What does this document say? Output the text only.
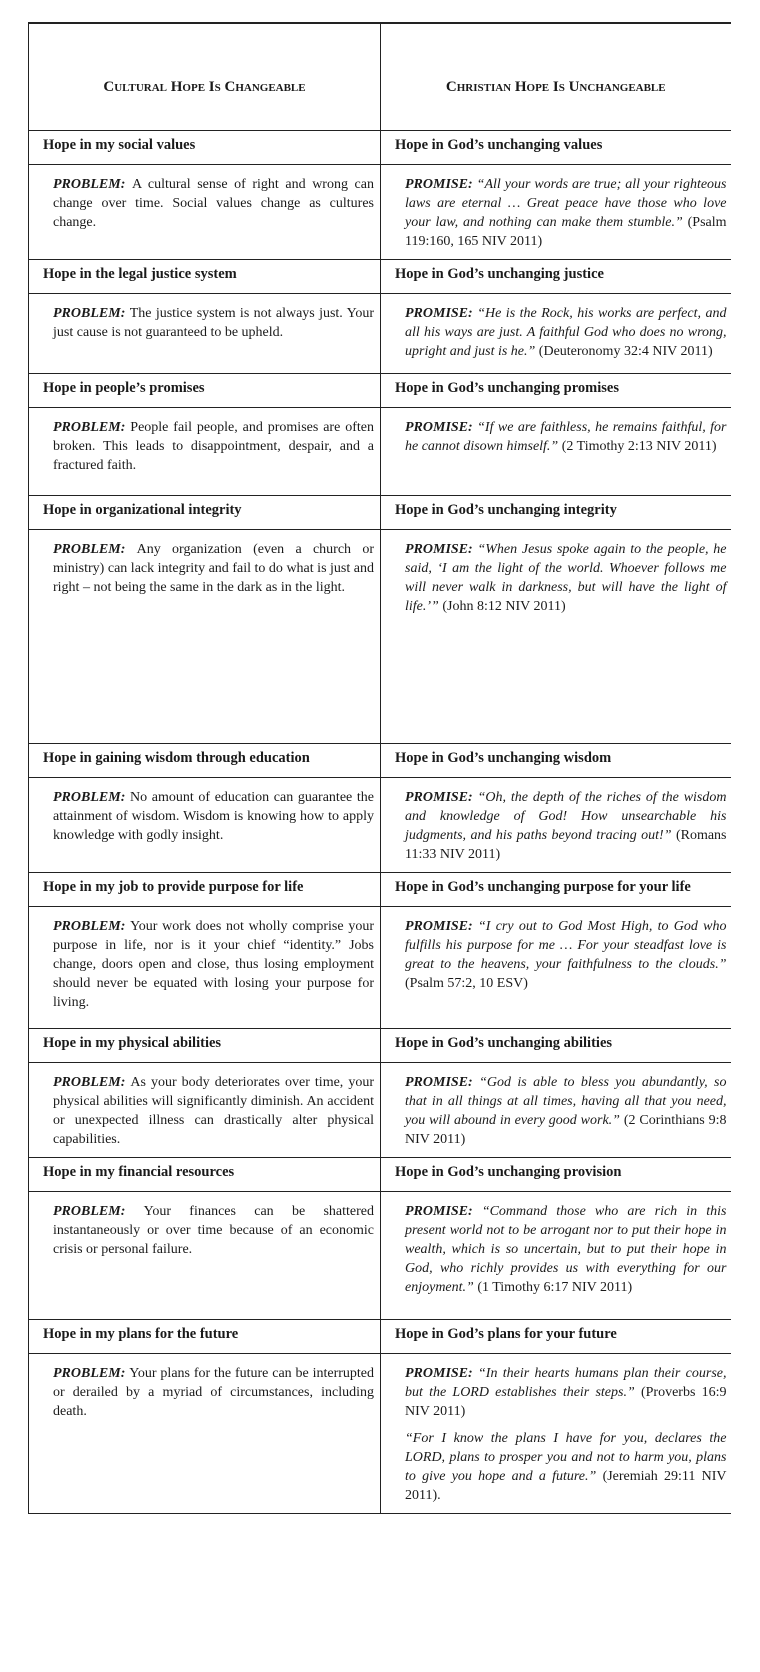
Cultural Hope Is Changeable	Christian Hope Is Unchangeable
Hope in my social values	Hope in God’s unchanging values

PROBLEM: A cultural sense of right and wrong can change over time. Social values change as cultures change.	PROMISE: “All your words are true; all your righteous laws are eternal … Great peace have those who love your law, and nothing can make them stumble.” (Psalm 119:160, 165 NIV 2011)

Hope in the legal justice system	Hope in God’s unchanging justice

PROBLEM: The justice system is not always just. Your just cause is not guaranteed to be upheld.	PROMISE: “He is the Rock, his works are perfect, and all his ways are just. A faithful God who does no wrong, upright and just is he.” (Deuteronomy 32:4 NIV 2011)

Hope in people’s promises	Hope in God’s unchanging promises

PROBLEM: People fail people, and promises are often broken. This leads to disappointment, despair, and a fractured faith.	PROMISE: “If we are faithless, he remains faithful, for he cannot disown himself.” (2 Timothy 2:13 NIV 2011)

Hope in organizational integrity	Hope in God’s unchanging integrity

PROBLEM: Any organization (even a church or ministry) can lack integrity and fail to do what is just and right – not being the same in the dark as in the light.	PROMISE: “When Jesus spoke again to the people, he said, ‘I am the light of the world. Whoever follows me will never walk in darkness, but will have the light of life.’” (John 8:12 NIV 2011)

Hope in gaining wisdom through education	Hope in God’s unchanging wisdom

PROBLEM: No amount of education can guarantee the attainment of wisdom. Wisdom is knowing how to apply knowledge with godly insight.	PROMISE: “Oh, the depth of the riches of the wisdom and knowledge of God! How unsearchable his judgments, and his paths beyond tracing out!” (Romans 11:33 NIV 2011)

Hope in my job to provide purpose for life	Hope in God’s unchanging purpose for your life

PROBLEM: Your work does not wholly comprise your purpose in life, nor is it your chief “identity.” Jobs change, doors open and close, thus losing employment should never be equated with losing your purpose for living.	PROMISE: “I cry out to God Most High, to God who fulfills his purpose for me … For your steadfast love is great to the heavens, your faithfulness to the clouds.” (Psalm 57:2, 10 ESV)

Hope in my physical abilities	Hope in God’s unchanging abilities

PROBLEM: As your body deteriorates over time, your physical abilities will significantly diminish. An accident or unexpected illness can drastically alter physical capabilities.	PROMISE: “God is able to bless you abundantly, so that in all things at all times, having all that you need, you will abound in every good work.” (2 Corinthians 9:8 NIV 2011)

Hope in my financial resources	Hope in God’s unchanging provision

PROBLEM: Your finances can be shattered instantaneously or over time because of an economic crisis or personal failure.	PROMISE: “Command those who are rich in this present world not to be arrogant nor to put their hope in wealth, which is so uncertain, but to put their hope in God, who richly provides us with everything for our enjoyment.” (1 Timothy 6:17 NIV 2011)

Hope in my plans for the future	Hope in God’s plans for your future

PROBLEM: Your plans for the future can be interrupted or derailed by a myriad of circumstances, including death.	PROMISE: “In their hearts humans plan their course, but the LORD establishes their steps.” (Proverbs 16:9 NIV 2011)
“For I know the plans I have for you, declares the LORD, plans to prosper you and not to harm you, plans to give you hope and a future.” (Jeremiah 29:11 NIV 2011).
